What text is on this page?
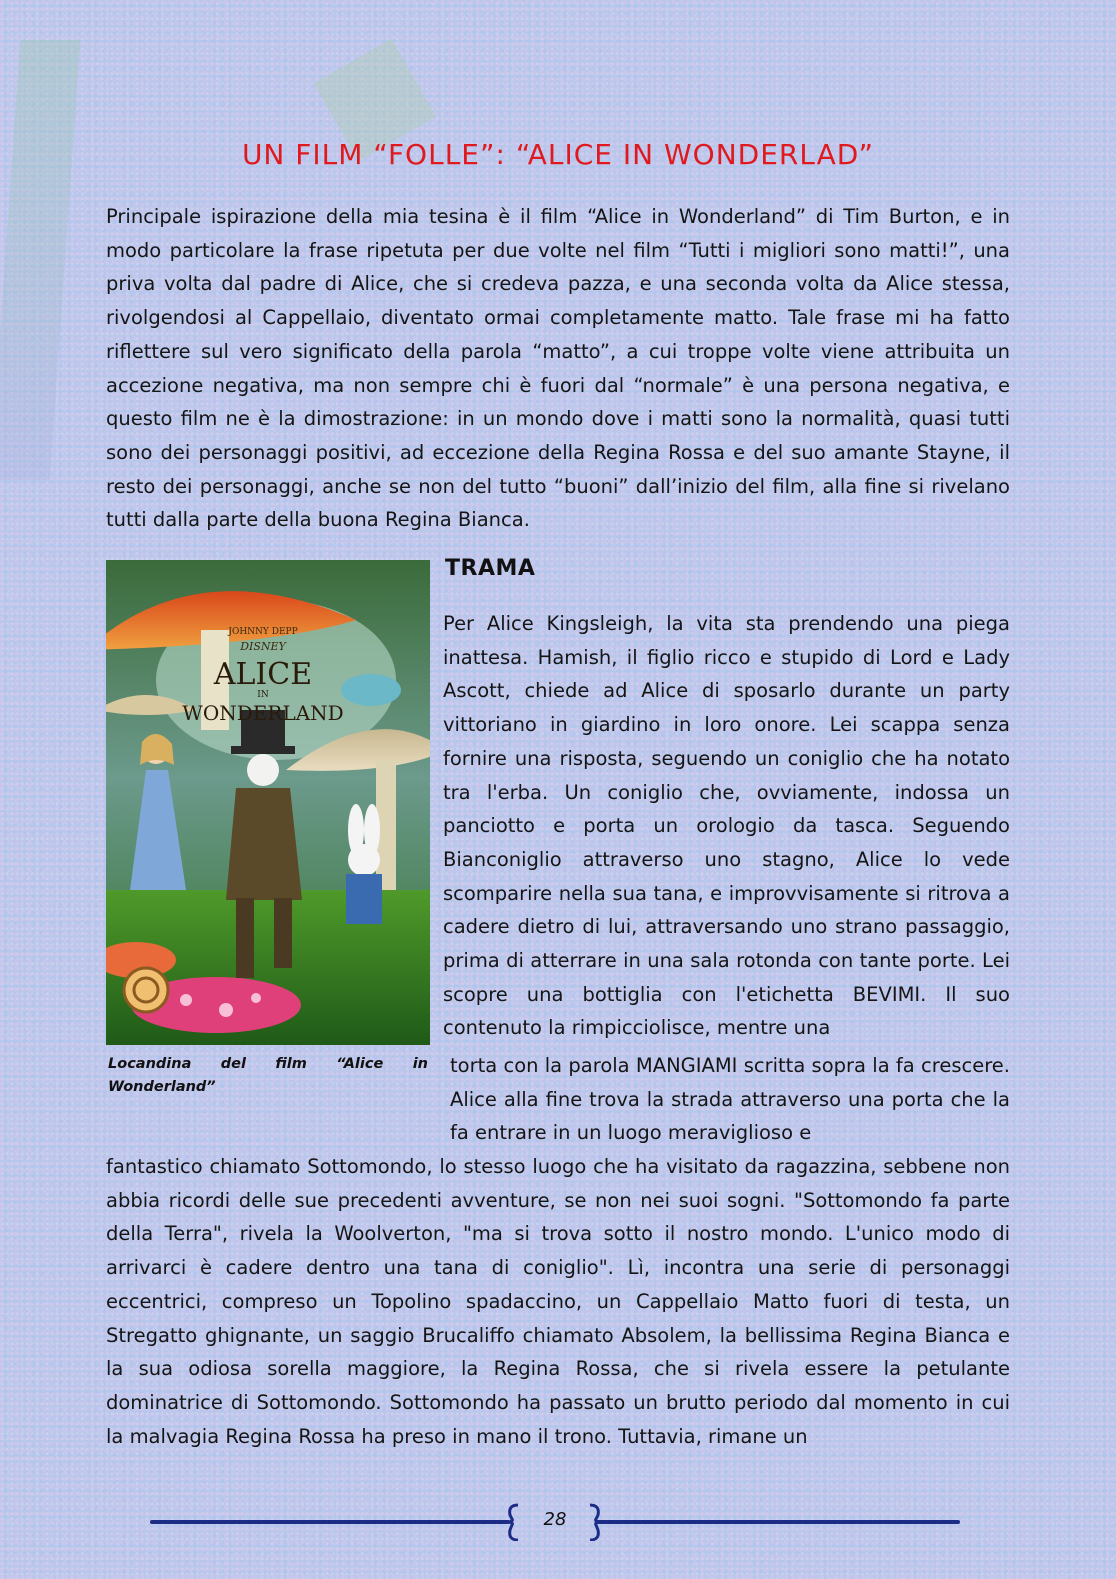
UN FILM “FOLLE”: “ALICE IN WONDERLAD”

Principale ispirazione della mia tesina è il film “Alice in Wonderland” di Tim Burton, e in modo particolare la frase ripetuta per due volte nel film “Tutti i migliori sono matti!”, una priva volta dal padre di Alice, che si credeva pazza, e una seconda volta da Alice stessa, rivolgendosi al Cappellaio, diventato ormai completamente matto. Tale frase mi ha fatto riflettere sul vero significato della parola “matto”, a cui troppe volte viene attribuita un accezione negativa, ma non sempre chi è fuori dal “normale” è una persona negativa, e questo film ne è la dimostrazione: in un mondo dove i matti sono la normalità, quasi tutti sono dei personaggi positivi, ad eccezione della Regina Rossa e del suo amante Stayne, il resto dei personaggi, anche se non del tutto “buoni” dall’inizio del film, alla fine si rivelano tutti dalla parte della buona Regina Bianca.

JOHNNY DEPP
DISNEY
ALICE
IN
WONDERLAND

Locandina del film “Alice in Wonderland”

TRAMA

Per Alice Kingsleigh, la vita sta prendendo una piega inattesa. Hamish, il figlio ricco e stupido di Lord e Lady Ascott, chiede ad Alice di sposarlo durante un party vittoriano in giardino in loro onore. Lei scappa senza fornire una risposta, seguendo un coniglio che ha notato tra l'erba. Un coniglio che, ovviamente, indossa un panciotto e porta un orologio da tasca. Seguendo Bianconiglio attraverso uno stagno, Alice lo vede scomparire nella sua tana, e improvvisamente si ritrova a cadere dietro di lui, attraversando uno strano passaggio, prima di atterrare in una sala rotonda con tante porte. Lei scopre una bottiglia con l'etichetta BEVIMI. Il suo contenuto la rimpicciolisce, mentre una

torta con la parola MANGIAMI scritta sopra la fa crescere. Alice alla fine trova la strada attraverso una porta che la fa entrare in un luogo meraviglioso e

fantastico chiamato Sottomondo, lo stesso luogo che ha visitato da ragazzina, sebbene non abbia ricordi delle sue precedenti avventure, se non nei suoi sogni. "Sottomondo fa parte della Terra", rivela la Woolverton, "ma si trova sotto il nostro mondo. L'unico modo di arrivarci è cadere dentro una tana di coniglio". Lì, incontra una serie di personaggi eccentrici, compreso un Topolino spadaccino, un Cappellaio Matto fuori di testa, un Stregatto ghignante, un saggio Brucaliffo chiamato Absolem, la bellissima Regina Bianca e la sua odiosa sorella maggiore, la Regina Rossa, che si rivela essere la petulante dominatrice di Sottomondo. Sottomondo ha passato un brutto periodo dal momento in cui la malvagia Regina Rossa ha preso in mano il trono. Tuttavia, rimane un

28
